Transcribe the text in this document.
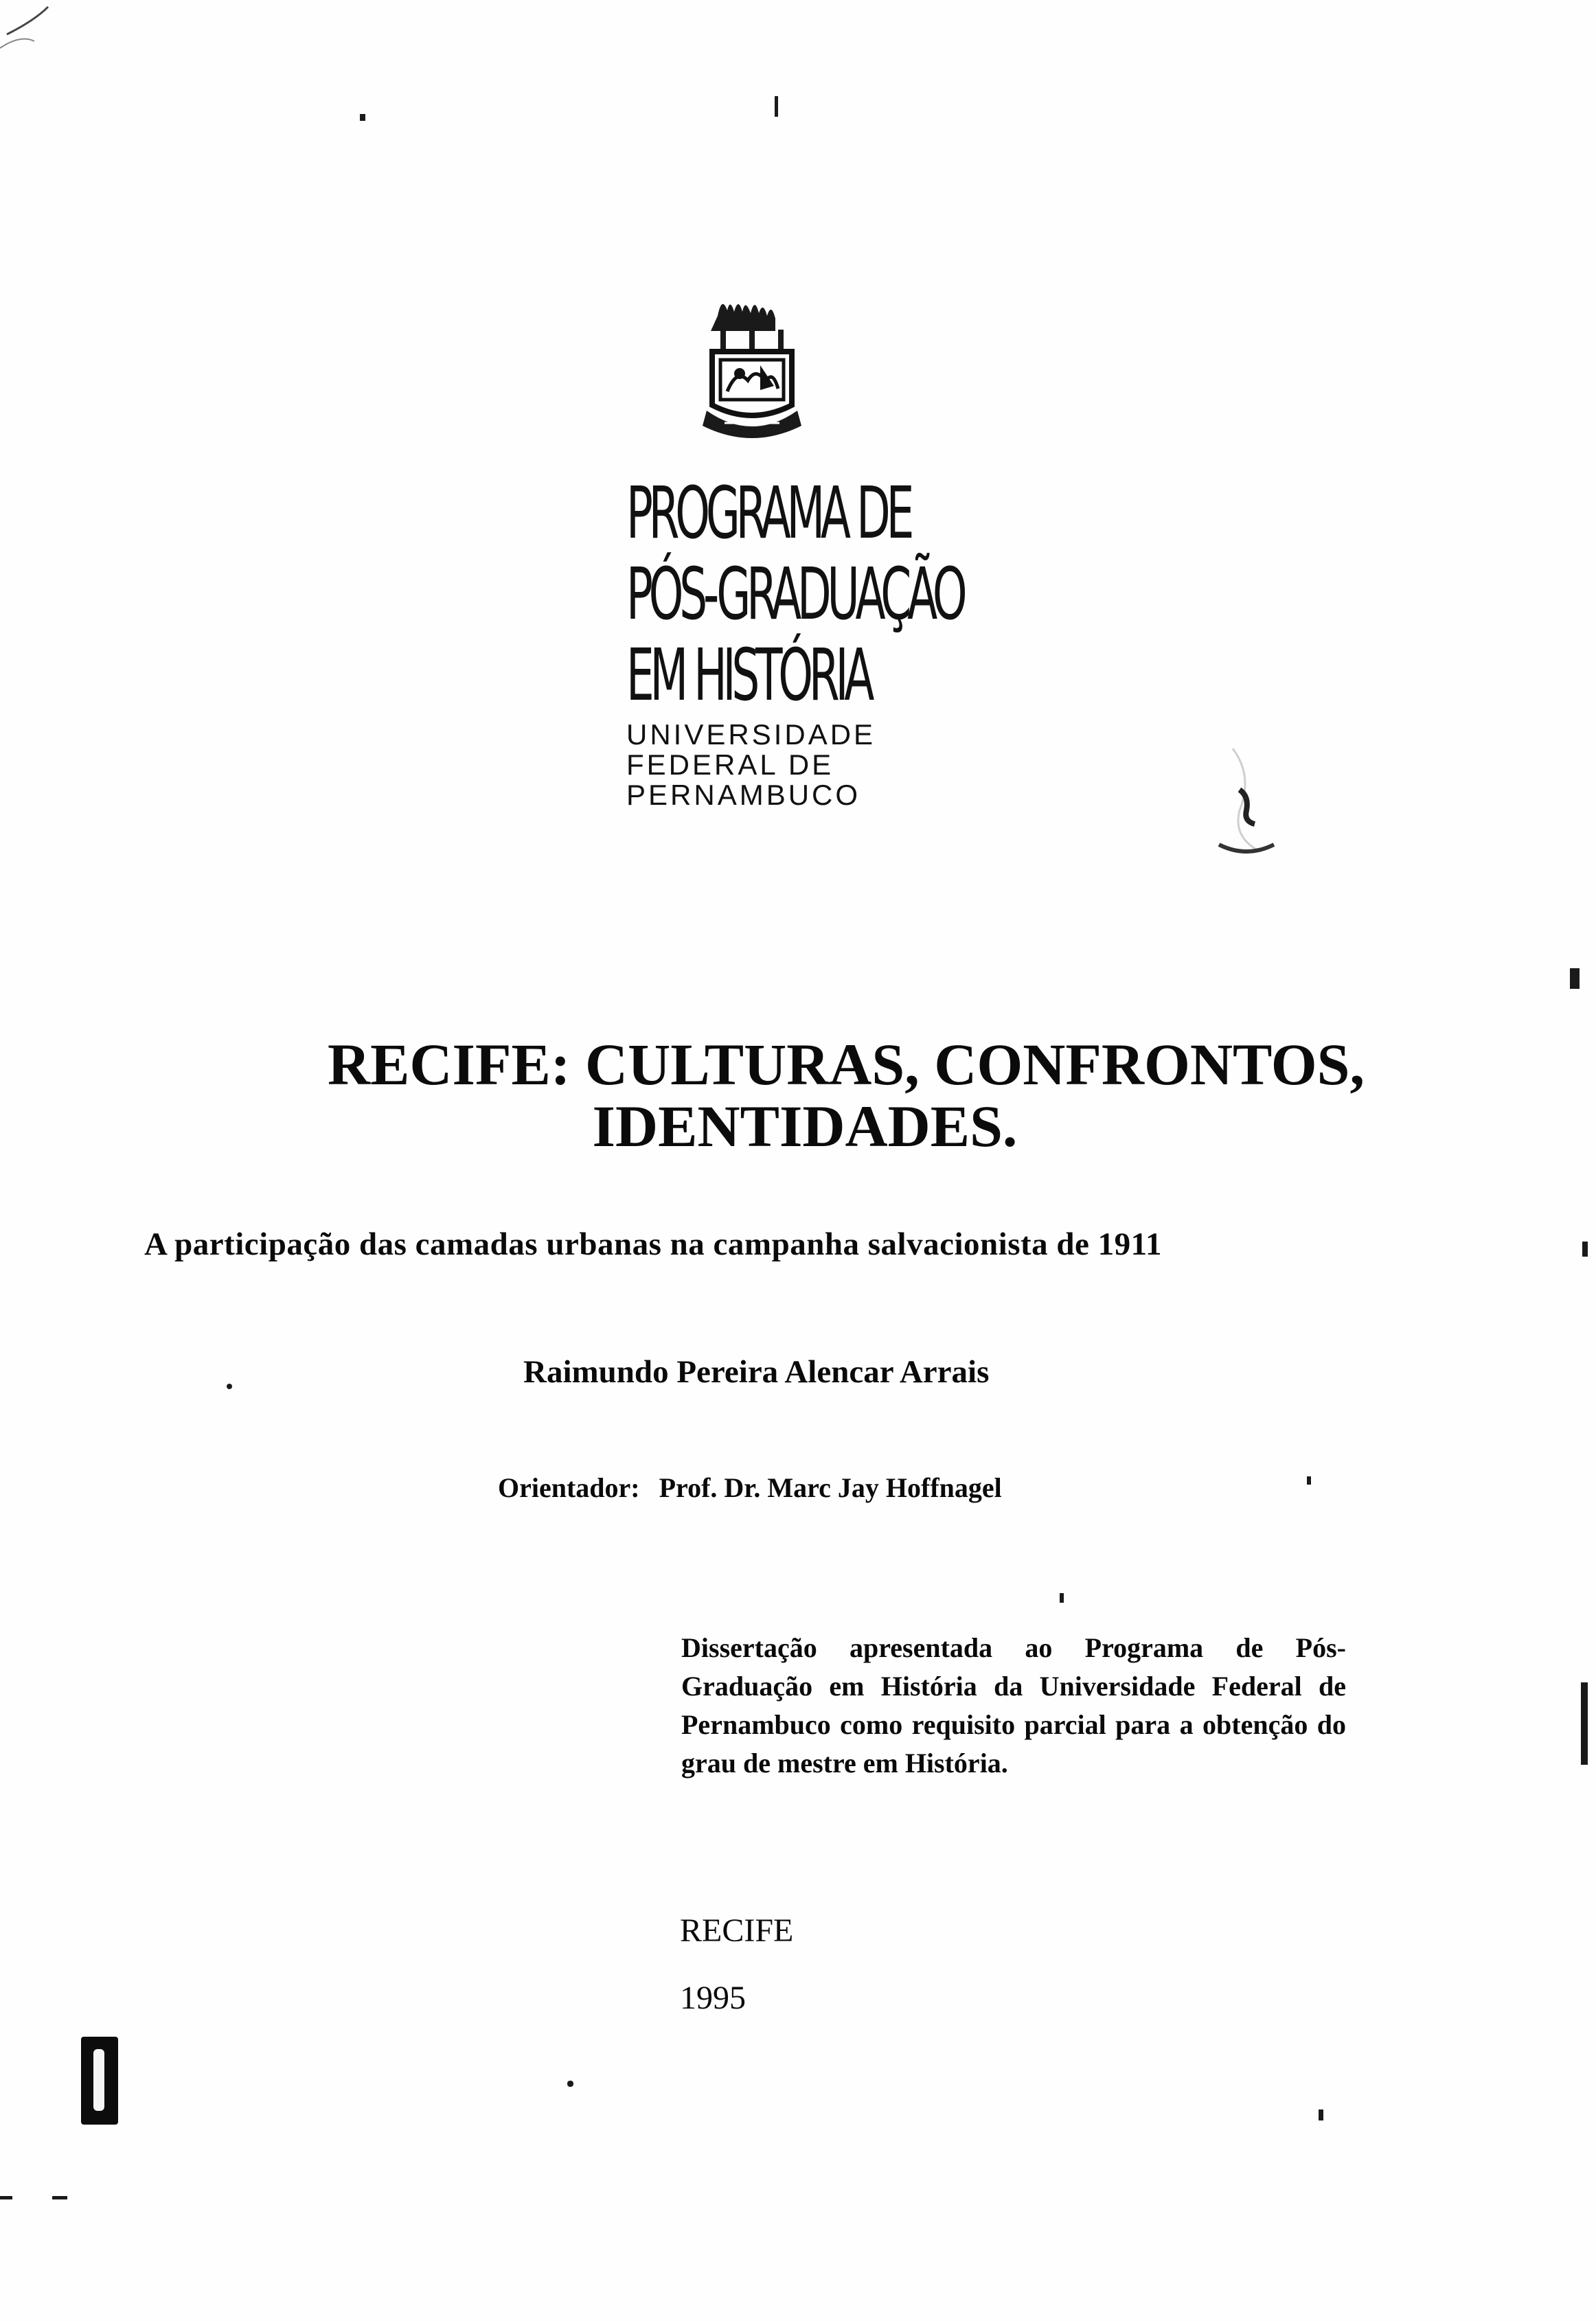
PROGRAMA DE
PÓS-GRADUAÇÃO
EM HISTÓRIA
UNIVERSIDADE
FEDERAL DE
PERNAMBUCO
RECIFE: CULTURAS, CONFRONTOS,
IDENTIDADES.
A participação das camadas urbanas na campanha salvacionista de 1911
Raimundo Pereira Alencar Arrais
Orientador: Prof. Dr. Marc Jay Hoffnagel
Dissertação apresentada ao Programa de Pós-Graduação em História da Universidade Federal de Pernambuco como requisito parcial para a obtenção do grau de mestre em História.
RECIFE
1995
